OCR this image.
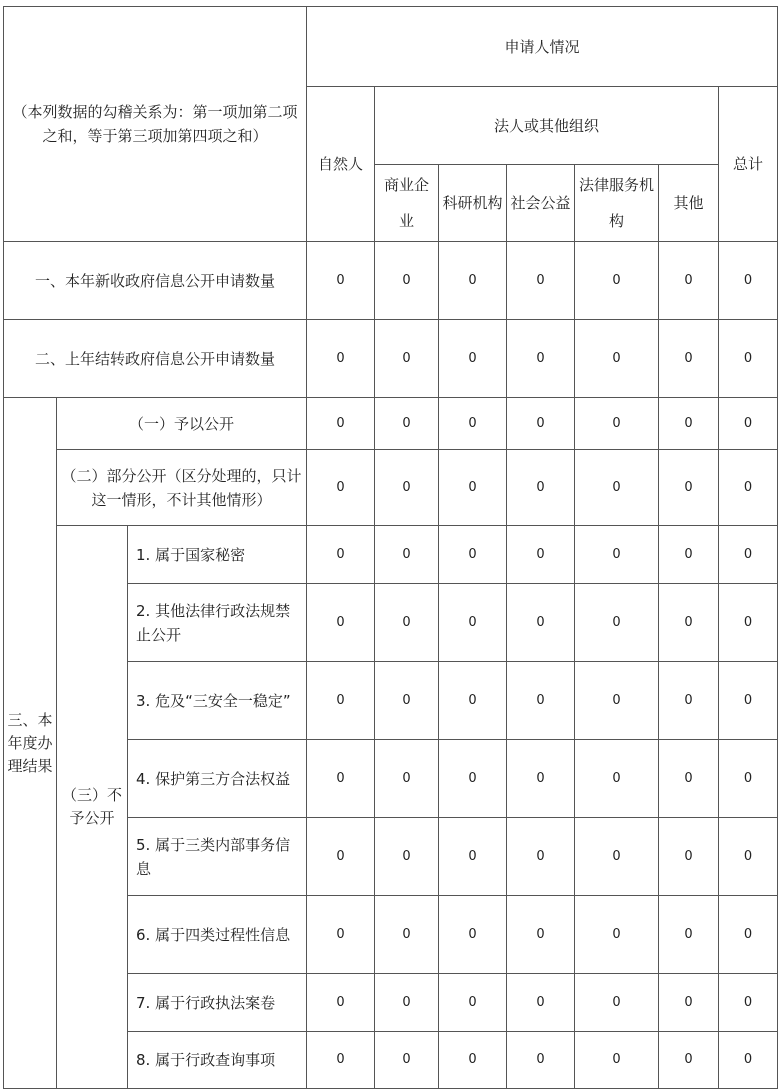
（本列数据的勾稽关系为：第一项加第二项之和，等于第三项加第四项之和）			申请人情况						
			自然人	法人或其他组织					总计
				商业企业	科研机构	社会公益	法律服务机构	其他	
一、本年新收政府信息公开申请数量			0	0	0	0	0	0	0
二、上年结转政府信息公开申请数量			0	0	0	0	0	0	0
三、本年度办理结果	（一）予以公开		0	0	0	0	0	0	0
	（二）部分公开（区分处理的，只计这一情形，不计其他情形）		0	0	0	0	0	0	0
	（三）不予公开	1. 属于国家秘密	0	0	0	0	0	0	0
		2. 其他法律行政法规禁止公开	0	0	0	0	0	0	0
		3. 危及“三安全一稳定”	0	0	0	0	0	0	0
		4. 保护第三方合法权益	0	0	0	0	0	0	0
		5. 属于三类内部事务信息	0	0	0	0	0	0	0
		6. 属于四类过程性信息	0	0	0	0	0	0	0
		7. 属于行政执法案卷	0	0	0	0	0	0	0
		8. 属于行政查询事项	0	0	0	0	0	0	0
